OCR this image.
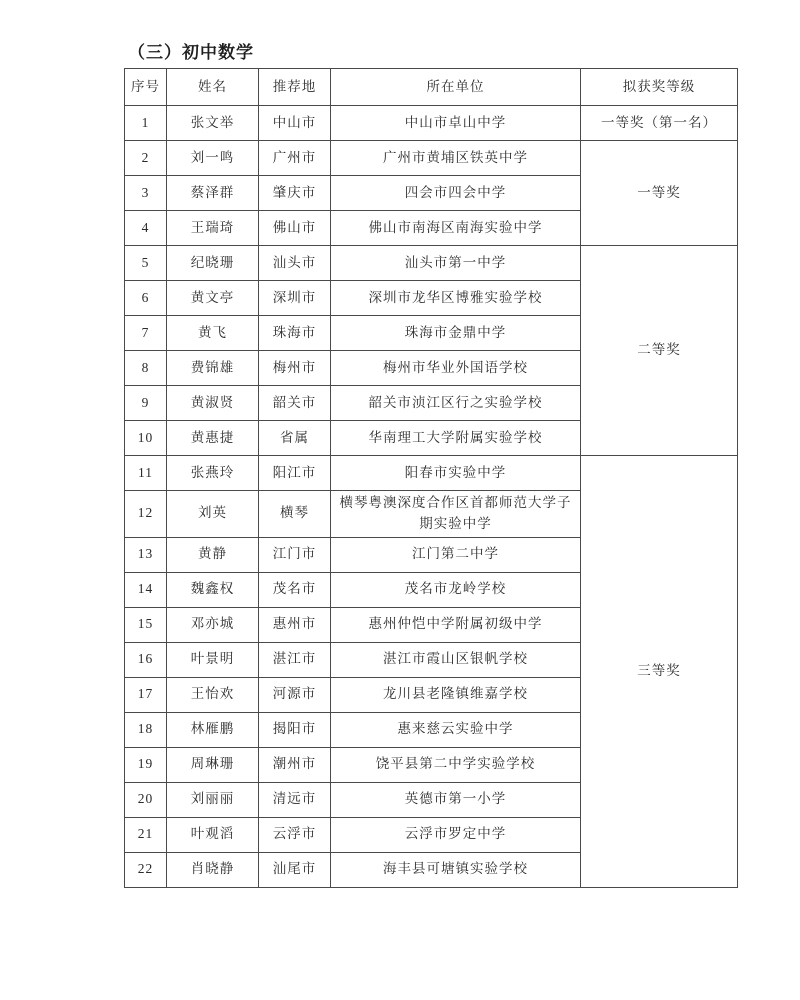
（三）初中数学
序号	姓名	推荐地	所在单位	拟获奖等级
1	张文举	中山市	中山市卓山中学	一等奖（第一名）
2	刘一鸣	广州市	广州市黄埔区铁英中学	一等奖
3	蔡泽群	肇庆市	四会市四会中学	
4	王瑞琦	佛山市	佛山市南海区南海实验中学	
5	纪晓珊	汕头市	汕头市第一中学	二等奖
6	黄文亭	深圳市	深圳市龙华区博雅实验学校	
7	黄飞	珠海市	珠海市金鼎中学	
8	费锦雄	梅州市	梅州市华业外国语学校	
9	黄淑贤	韶关市	韶关市浈江区行之实验学校	
10	黄惠捷	省属	华南理工大学附属实验学校	
11	张燕玲	阳江市	阳春市实验中学	三等奖
12	刘英	横琴	横琴粤澳深度合作区首都师范大学子期实验中学	
13	黄静	江门市	江门第二中学	
14	魏鑫权	茂名市	茂名市龙岭学校	
15	邓亦城	惠州市	惠州仲恺中学附属初级中学	
16	叶景明	湛江市	湛江市霞山区银帆学校	
17	王怡欢	河源市	龙川县老隆镇维嘉学校	
18	林雁鹏	揭阳市	惠来慈云实验中学	
19	周琳珊	潮州市	饶平县第二中学实验学校	
20	刘丽丽	清远市	英德市第一小学	
21	叶观滔	云浮市	云浮市罗定中学	
22	肖晓静	汕尾市	海丰县可塘镇实验学校	
